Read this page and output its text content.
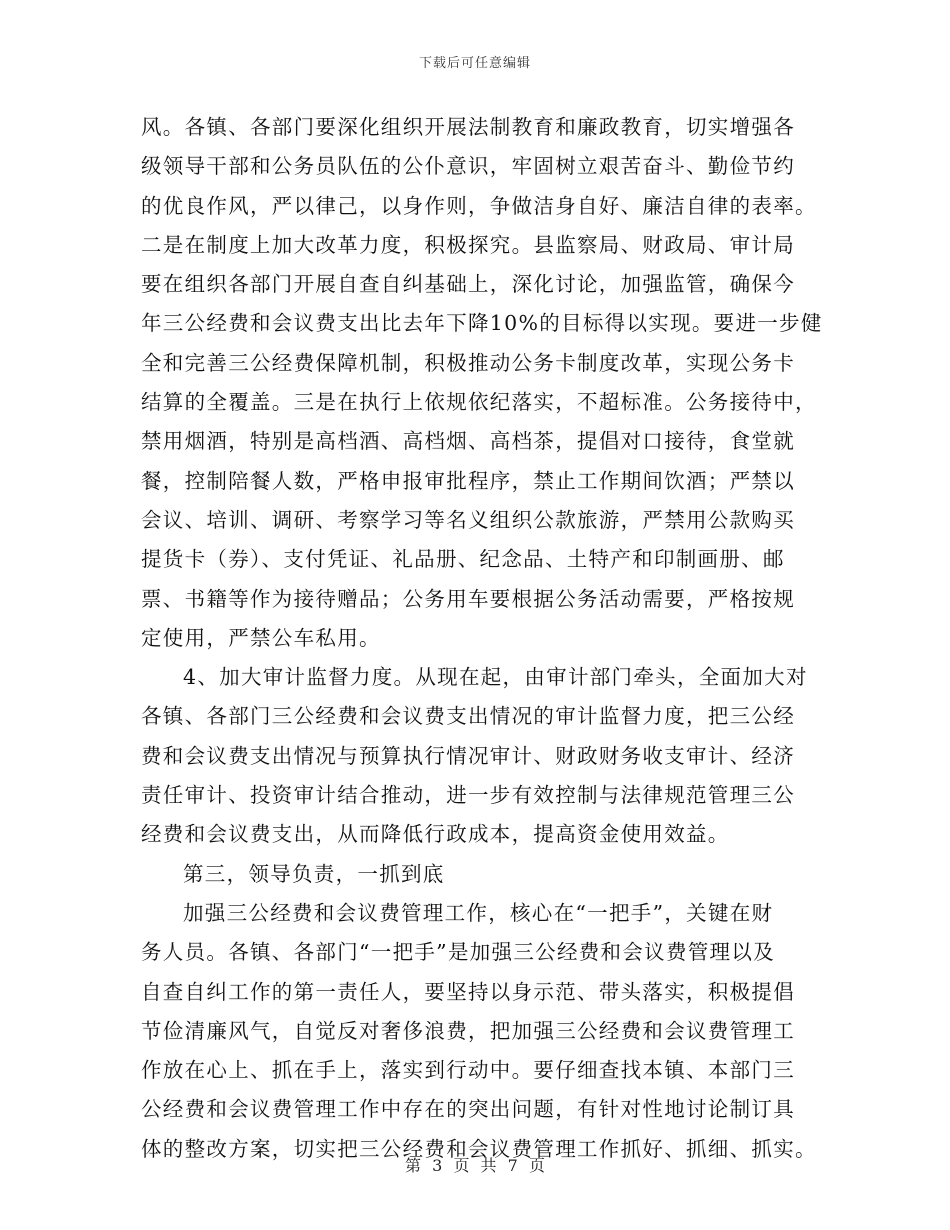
下载后可任意编辑
风。各镇、各部门要深化组织开展法制教育和廉政教育，切实增强各
级领导干部和公务员队伍的公仆意识，牢固树立艰苦奋斗、勤俭节约
的优良作风，严以律己，以身作则，争做洁身自好、廉洁自律的表率。
二是在制度上加大改革力度，积极探究。县监察局、财政局、审计局
要在组织各部门开展自查自纠基础上，深化讨论，加强监管，确保今
年三公经费和会议费支出比去年下降10%的目标得以实现。要进一步健
全和完善三公经费保障机制，积极推动公务卡制度改革，实现公务卡
结算的全覆盖。三是在执行上依规依纪落实，不超标准。公务接待中，
禁用烟酒，特别是高档酒、高档烟、高档茶，提倡对口接待，食堂就
餐，控制陪餐人数，严格申报审批程序，禁止工作期间饮酒；严禁以
会议、培训、调研、考察学习等名义组织公款旅游，严禁用公款购买
提货卡（券）、支付凭证、礼品册、纪念品、土特产和印制画册、邮
票、书籍等作为接待赠品；公务用车要根据公务活动需要，严格按规
定使用，严禁公车私用。
4、加大审计监督力度。从现在起，由审计部门牵头，全面加大对
各镇、各部门三公经费和会议费支出情况的审计监督力度，把三公经
费和会议费支出情况与预算执行情况审计、财政财务收支审计、经济
责任审计、投资审计结合推动，进一步有效控制与法律规范管理三公
经费和会议费支出，从而降低行政成本，提高资金使用效益。
第三，领导负责，一抓到底
加强三公经费和会议费管理工作，核心在“一把手”，关键在财
务人员。各镇、各部门“一把手”是加强三公经费和会议费管理以及
自查自纠工作的第一责任人，要坚持以身示范、带头落实，积极提倡
节俭清廉风气，自觉反对奢侈浪费，把加强三公经费和会议费管理工
作放在心上、抓在手上，落实到行动中。要仔细查找本镇、本部门三
公经费和会议费管理工作中存在的突出问题，有针对性地讨论制订具
体的整改方案，切实把三公经费和会议费管理工作抓好、抓细、抓实。
第 3 页 共 7 页
